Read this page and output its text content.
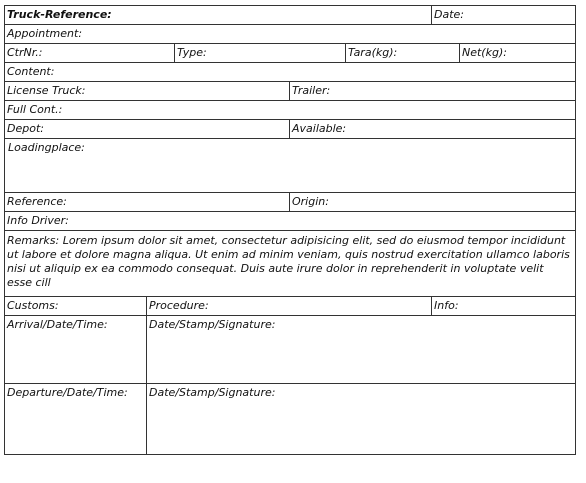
Truck-Reference:	Date:
Appointment:
CtrNr.:	Type:	Tara(kg):	Net(kg):
Content:
License Truck:	Trailer:
Full Cont.:
Depot:	Available:
Loadingplace:
Reference:	Origin:
Info Driver:
Remarks: Lorem ipsum dolor sit amet, consectetur adipisicing elit, sed do eiusmod tempor incididunt ut labore et dolore magna aliqua. Ut enim ad minim veniam, quis nostrud exercitation ullamco laboris nisi ut aliquip ex ea commodo consequat. Duis aute irure dolor in reprehenderit in voluptate velit esse cill
Customs:	Procedure:	Info:
Arrival/Date/Time:	Date/Stamp/Signature:
Departure/Date/Time:	Date/Stamp/Signature:
